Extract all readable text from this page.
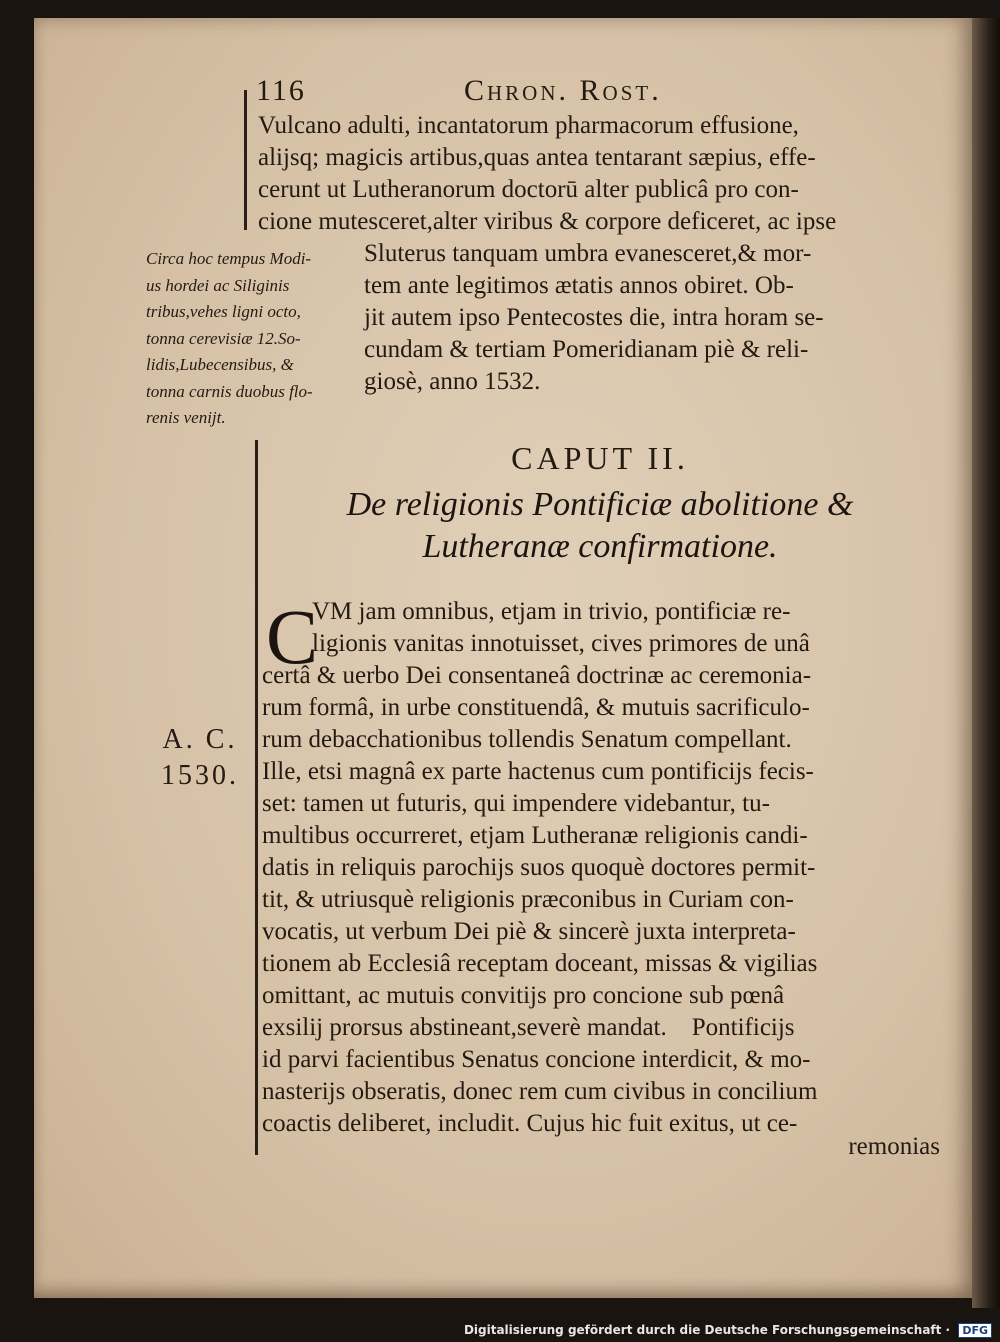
116	Chron. Rost.
Vulcano adulti, incantatorum pharmacorum effusione,
alijsq; magicis artibus,quas antea tentarant sæpius, effe-
cerunt ut Lutheranorum doctorū alter publicâ pro con-
cione mutesceret,alter viribus & corpore deficeret, ac ipse
Sluterus tanquam umbra evanesceret,& mor-
tem ante legitimos ætatis annos obiret. Ob-
jit autem ipso Pentecostes die, intra horam se-
cundam & tertiam Pomeridianam piè & reli-
giosè, anno 1532.
Circa hoc tempus Modi-
us hordei ac Siliginis
tribus,vehes ligni octo,
tonna cerevisiæ 12.So-
lidis,Lubecensibus, &
tonna carnis duobus flo-
renis venijt.
CAPUT II.
De religionis Pontificiæ abolitione &
Lutheranæ confirmatione.
C
VM jam omnibus, etjam in trivio, pontificiæ re-
ligionis vanitas innotuisset, cives primores de unâ
certâ & uerbo Dei consentaneâ doctrinæ ac ceremonia-
rum formâ, in urbe constituendâ, & mutuis sacrificulo-
rum debacchationibus tollendis Senatum compellant.
Ille, etsi magnâ ex parte hactenus cum pontificijs fecis-
set: tamen ut futuris, qui impendere videbantur, tu-
multibus occurreret, etjam Lutheranæ religionis candi-
datis in reliquis parochijs suos quoquè doctores permit-
tit, & utriusquè religionis præconibus in Curiam con-
vocatis, ut verbum Dei piè & sincerè juxta interpreta-
tionem ab Ecclesiâ receptam doceant, missas & vigilias
omittant, ac mutuis convitijs pro concione sub pœnâ
exsilij prorsus abstineant,severè mandat.    Pontificijs
id parvi facientibus Senatus concione interdicit, & mo-
nasterijs obseratis, donec rem cum civibus in concilium
coactis deliberet, includit. Cujus hic fuit exitus, ut ce-
A. C.
1530.
remonias
Digitalisierung gefördert durch die Deutsche Forschungsgemeinschaft · DFG
